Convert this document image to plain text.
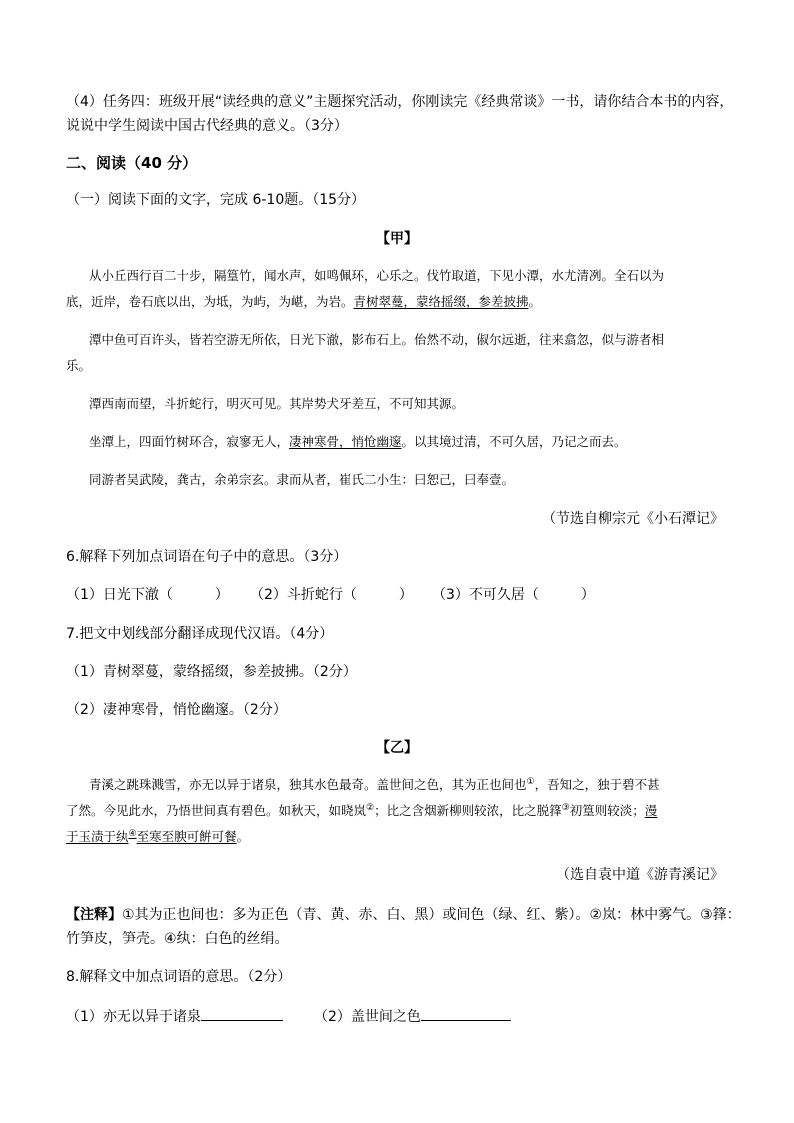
（4）任务四：班级开展“读经典的意义”主题探究活动，你刚读完《经典常谈》一书，请你结合本书的内容，
说说中学生阅读中国古代经典的意义。（3分）
二、阅读（40 分）
（一）阅读下面的文字，完成 6-10题。（15分）
【甲】
从小丘西行百二十步，隔篁竹，闻水声，如鸣佩环，心乐之。伐竹取道，下见小潭，水尤清冽。全石以为
底，近岸，卷石底以出，为坻，为屿，为嵁，为岩。青树翠蔓，蒙络摇缀，参差披拂。
潭中鱼可百许头，皆若空游无所依，日光下澈，影布石上。佁然不动，俶尔远逝，往来翕忽，似与游者相
乐。
潭西南而望，斗折蛇行，明灭可见。其岸势犬牙差互，不可知其源。
坐潭上，四面竹树环合，寂寥无人，凄神寒骨，悄怆幽邃。以其境过清，不可久居，乃记之而去。
同游者吴武陵，龚古，余弟宗玄。隶而从者，崔氏二小生：曰恕己，曰奉壹。
（节选自柳宗元《小石潭记》
6.解释下列加点词语在句子中的意思。（3分）
（1）日光下澈（　　　） （2）斗折蛇行（　　　） （3）不可久居（　　　）
7.把文中划线部分翻译成现代汉语。（4分）
（1）青树翠蔓，蒙络摇缀，参差披拂。（2分）
（2）凄神寒骨，悄怆幽邃。（2分）
【乙】
青溪之跳珠溅雪，亦无以异于诸泉，独其水色最奇。盖世间之色，其为正也间也①，吾知之，独于碧不甚
了然。今见此水，乃悟世间真有碧色。如秋天，如晓岚②；比之含烟新柳则较浓，比之脱箨③初篁则较淡；漫
于玉渍于纨④至寒至腴可餠可餐。
（选自袁中道《游青溪记》
【注释】①其为正也间也：多为正色（青、黄、赤、白、黑）或间色（绿、红、紫）。②岚：林中雾气。③箨：
竹笋皮，笋壳。④纨：白色的丝绢。
8.解释文中加点词语的意思。（2分）
（1）亦无以异于诸泉	（2）盖世间之色
